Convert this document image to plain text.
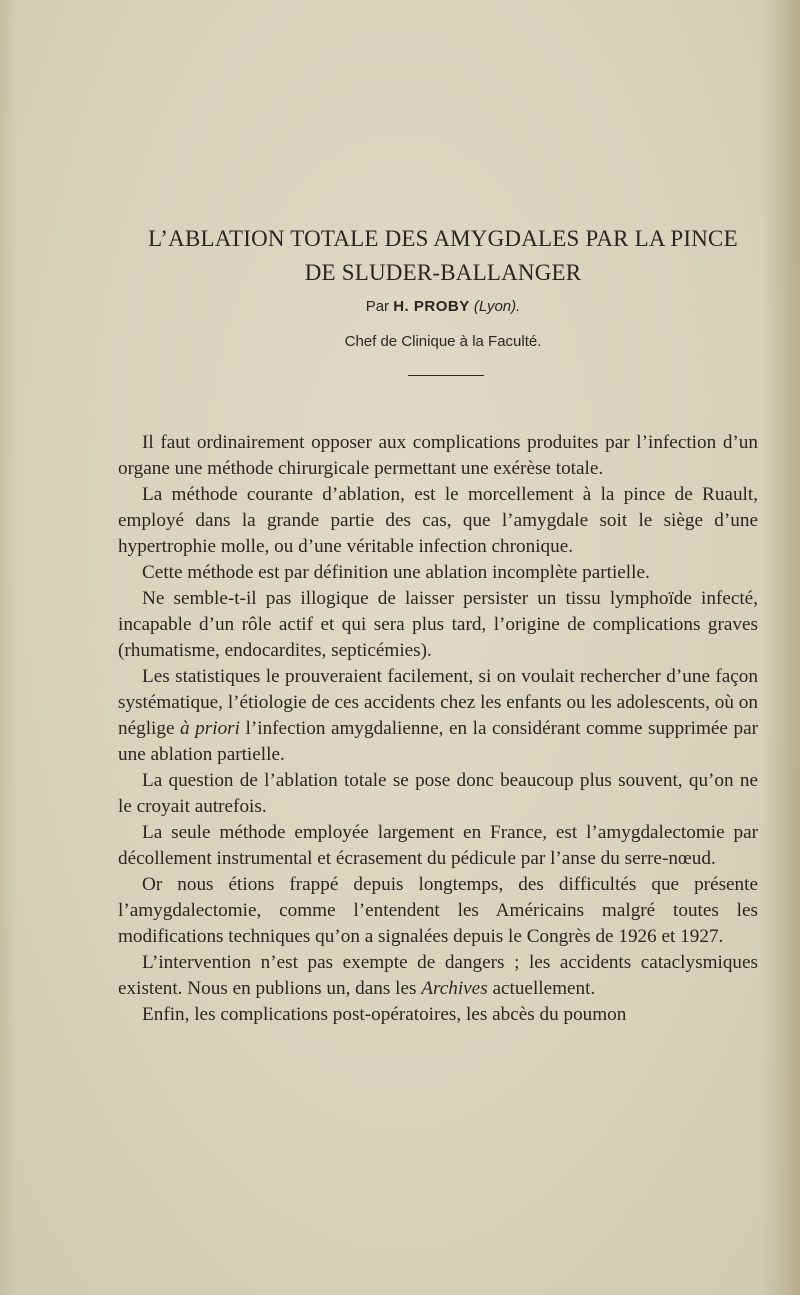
L’ABLATION TOTALE DES AMYGDALES PAR LA PINCE
DE SLUDER-BALLANGER

Par H. PROBY (Lyon).

Chef de Clinique à la Faculté.

Il faut ordinairement opposer aux complications produites par l’infection d’un organe une méthode chirurgicale permettant une exérèse totale.

La méthode courante d’ablation, est le morcellement à la pince de Ruault, employé dans la grande partie des cas, que l’amygdale soit le siège d’une hypertrophie molle, ou d’une véritable infection chronique.

Cette méthode est par définition une ablation incomplète partielle.

Ne semble-t-il pas illogique de laisser persister un tissu lymphoïde infecté, incapable d’un rôle actif et qui sera plus tard, l’origine de complications graves (rhumatisme, endocardites, septicémies).

Les statistiques le prouveraient facilement, si on voulait rechercher d’une façon systématique, l’étiologie de ces accidents chez les enfants ou les adolescents, où on néglige à priori l’infection amygdalienne, en la considérant comme supprimée par une ablation partielle.

La question de l’ablation totale se pose donc beaucoup plus souvent, qu’on ne le croyait autrefois.

La seule méthode employée largement en France, est l’amygdalectomie par décollement instrumental et écrasement du pédicule par l’anse du serre-nœud.

Or nous étions frappé depuis longtemps, des difficultés que présente l’amygdalectomie, comme l’entendent les Américains malgré toutes les modifications techniques qu’on a signalées depuis le Congrès de 1926 et 1927.

L’intervention n’est pas exempte de dangers ; les accidents cataclysmiques existent. Nous en publions un, dans les Archives actuellement.

Enfin, les complications post-opératoires, les abcès du poumon
